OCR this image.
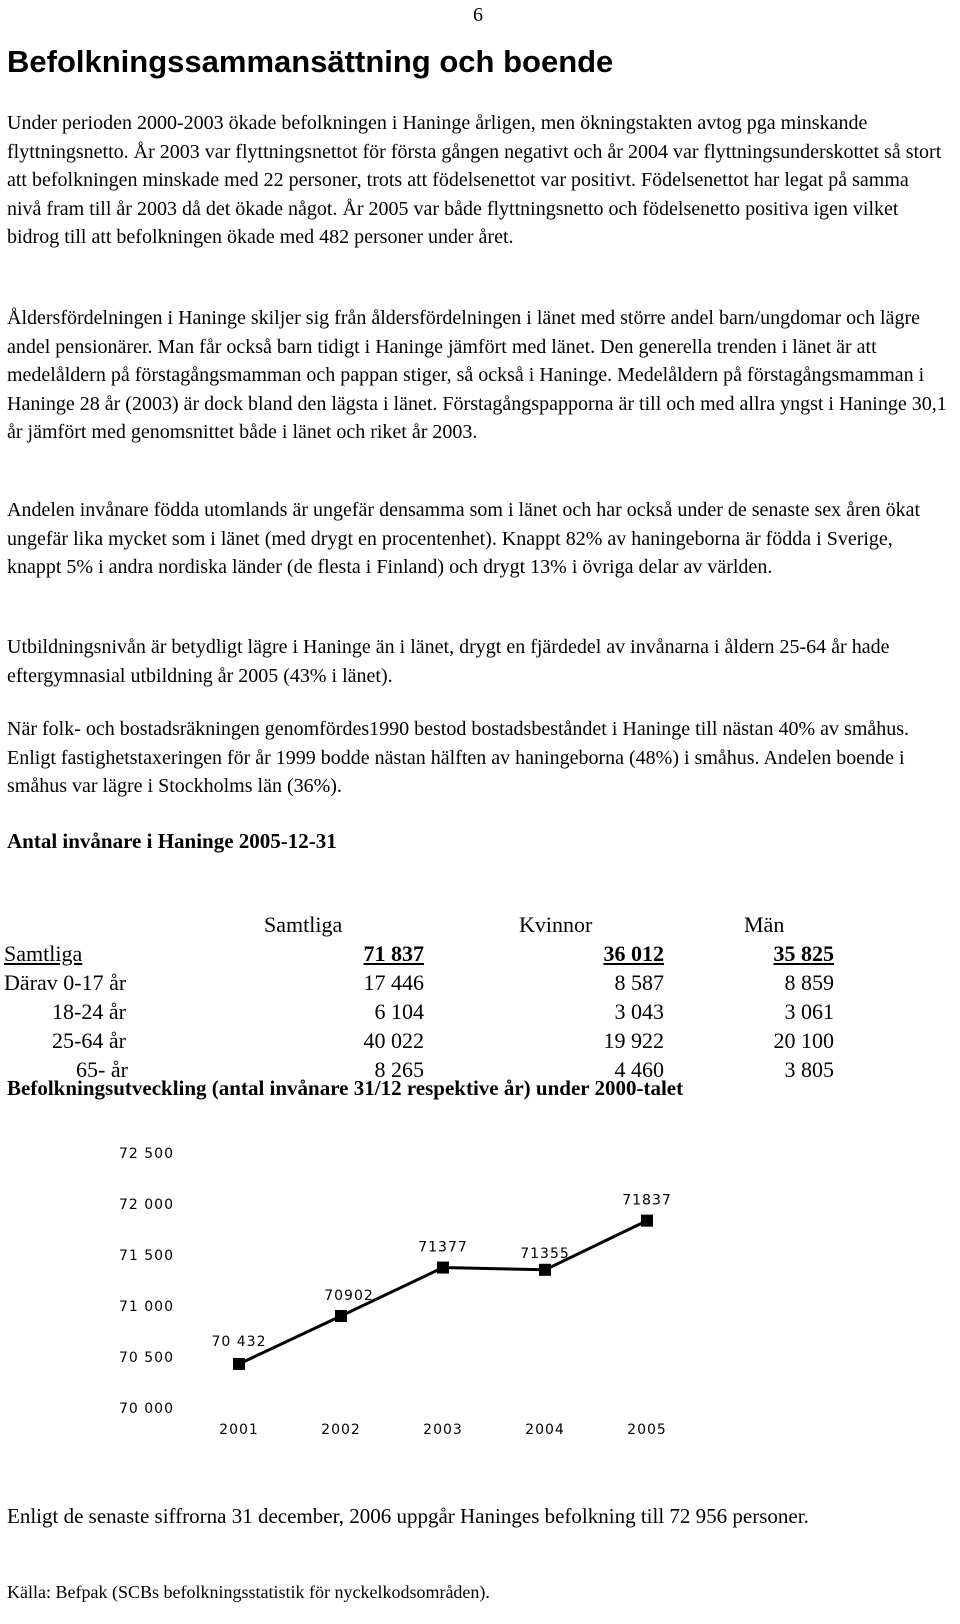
6
Befolkningssammansättning och boende

Under perioden 2000-2003 ökade befolkningen i Haninge årligen, men ökningstakten avtog pga minskande flyttningsnetto. År 2003 var flyttningsnettot för första gången negativt och år 2004 var flyttningsunderskottet så stort att befolkningen minskade med 22 personer, trots att födelsenettot var positivt. Födelsenettot har legat på samma nivå fram till år 2003 då det ökade något. År 2005 var både flyttningsnetto och födelsenetto positiva igen vilket bidrog till att befolkningen ökade med 482 personer under året.

Åldersfördelningen i Haninge skiljer sig från åldersfördelningen i länet med större andel barn/ungdomar och lägre andel pensionärer. Man får också barn tidigt i Haninge jämfört med länet. Den generella trenden i länet är att medelåldern på förstagångsmamman och pappan stiger, så också i Haninge. Medelåldern på förstagångsmamman i Haninge 28 år (2003) är dock bland den lägsta i länet. Förstagångspapporna är till och med allra yngst i Haninge 30,1 år jämfört med genomsnittet både i länet och riket år 2003.

Andelen invånare födda utomlands är ungefär densamma som i länet och har också under de senaste sex åren ökat ungefär lika mycket som i länet (med drygt en procentenhet). Knappt 82% av haningeborna är födda i Sverige, knappt 5% i andra nordiska länder (de flesta i Finland) och drygt 13% i övriga delar av världen.

Utbildningsnivån är betydligt lägre i Haninge än i länet, drygt en fjärdedel av invånarna i åldern 25-64 år hade eftergymnasial utbildning år 2005 (43% i länet).

När folk- och bostadsräkningen genomfördes1990 bestod bostadsbeståndet i Haninge till nästan 40% av småhus. Enligt fastighetstaxeringen för år 1999 bodde nästan hälften av haningeborna (48%) i småhus. Andelen boende i småhus var lägre i Stockholms län (36%).

Antal invånare i Haninge 2005-12-31
	Samtliga	Kvinnor	Män
Samtliga	71 837	36 012	35 825
Därav 0-17 år	17 446	8 587	8 859
18-24 år	6 104	3 043	3 061
25-64 år	40 022	19 922	20 100
65- år	8 265	4 460	3 805
Befolkningsutveckling (antal invånare 31/12 respektive år) under 2000-talet
70 000
70 500
71 000
71 500
72 000
72 500
2001	2002	2003	2004	2005
70 432
70902
71377	71355
71837

Enligt de senaste siffrorna 31 december, 2006 uppgår Haninges befolkning till 72 956 personer.

Källa: Befpak (SCBs befolkningsstatistik för nyckelkodsområden).
